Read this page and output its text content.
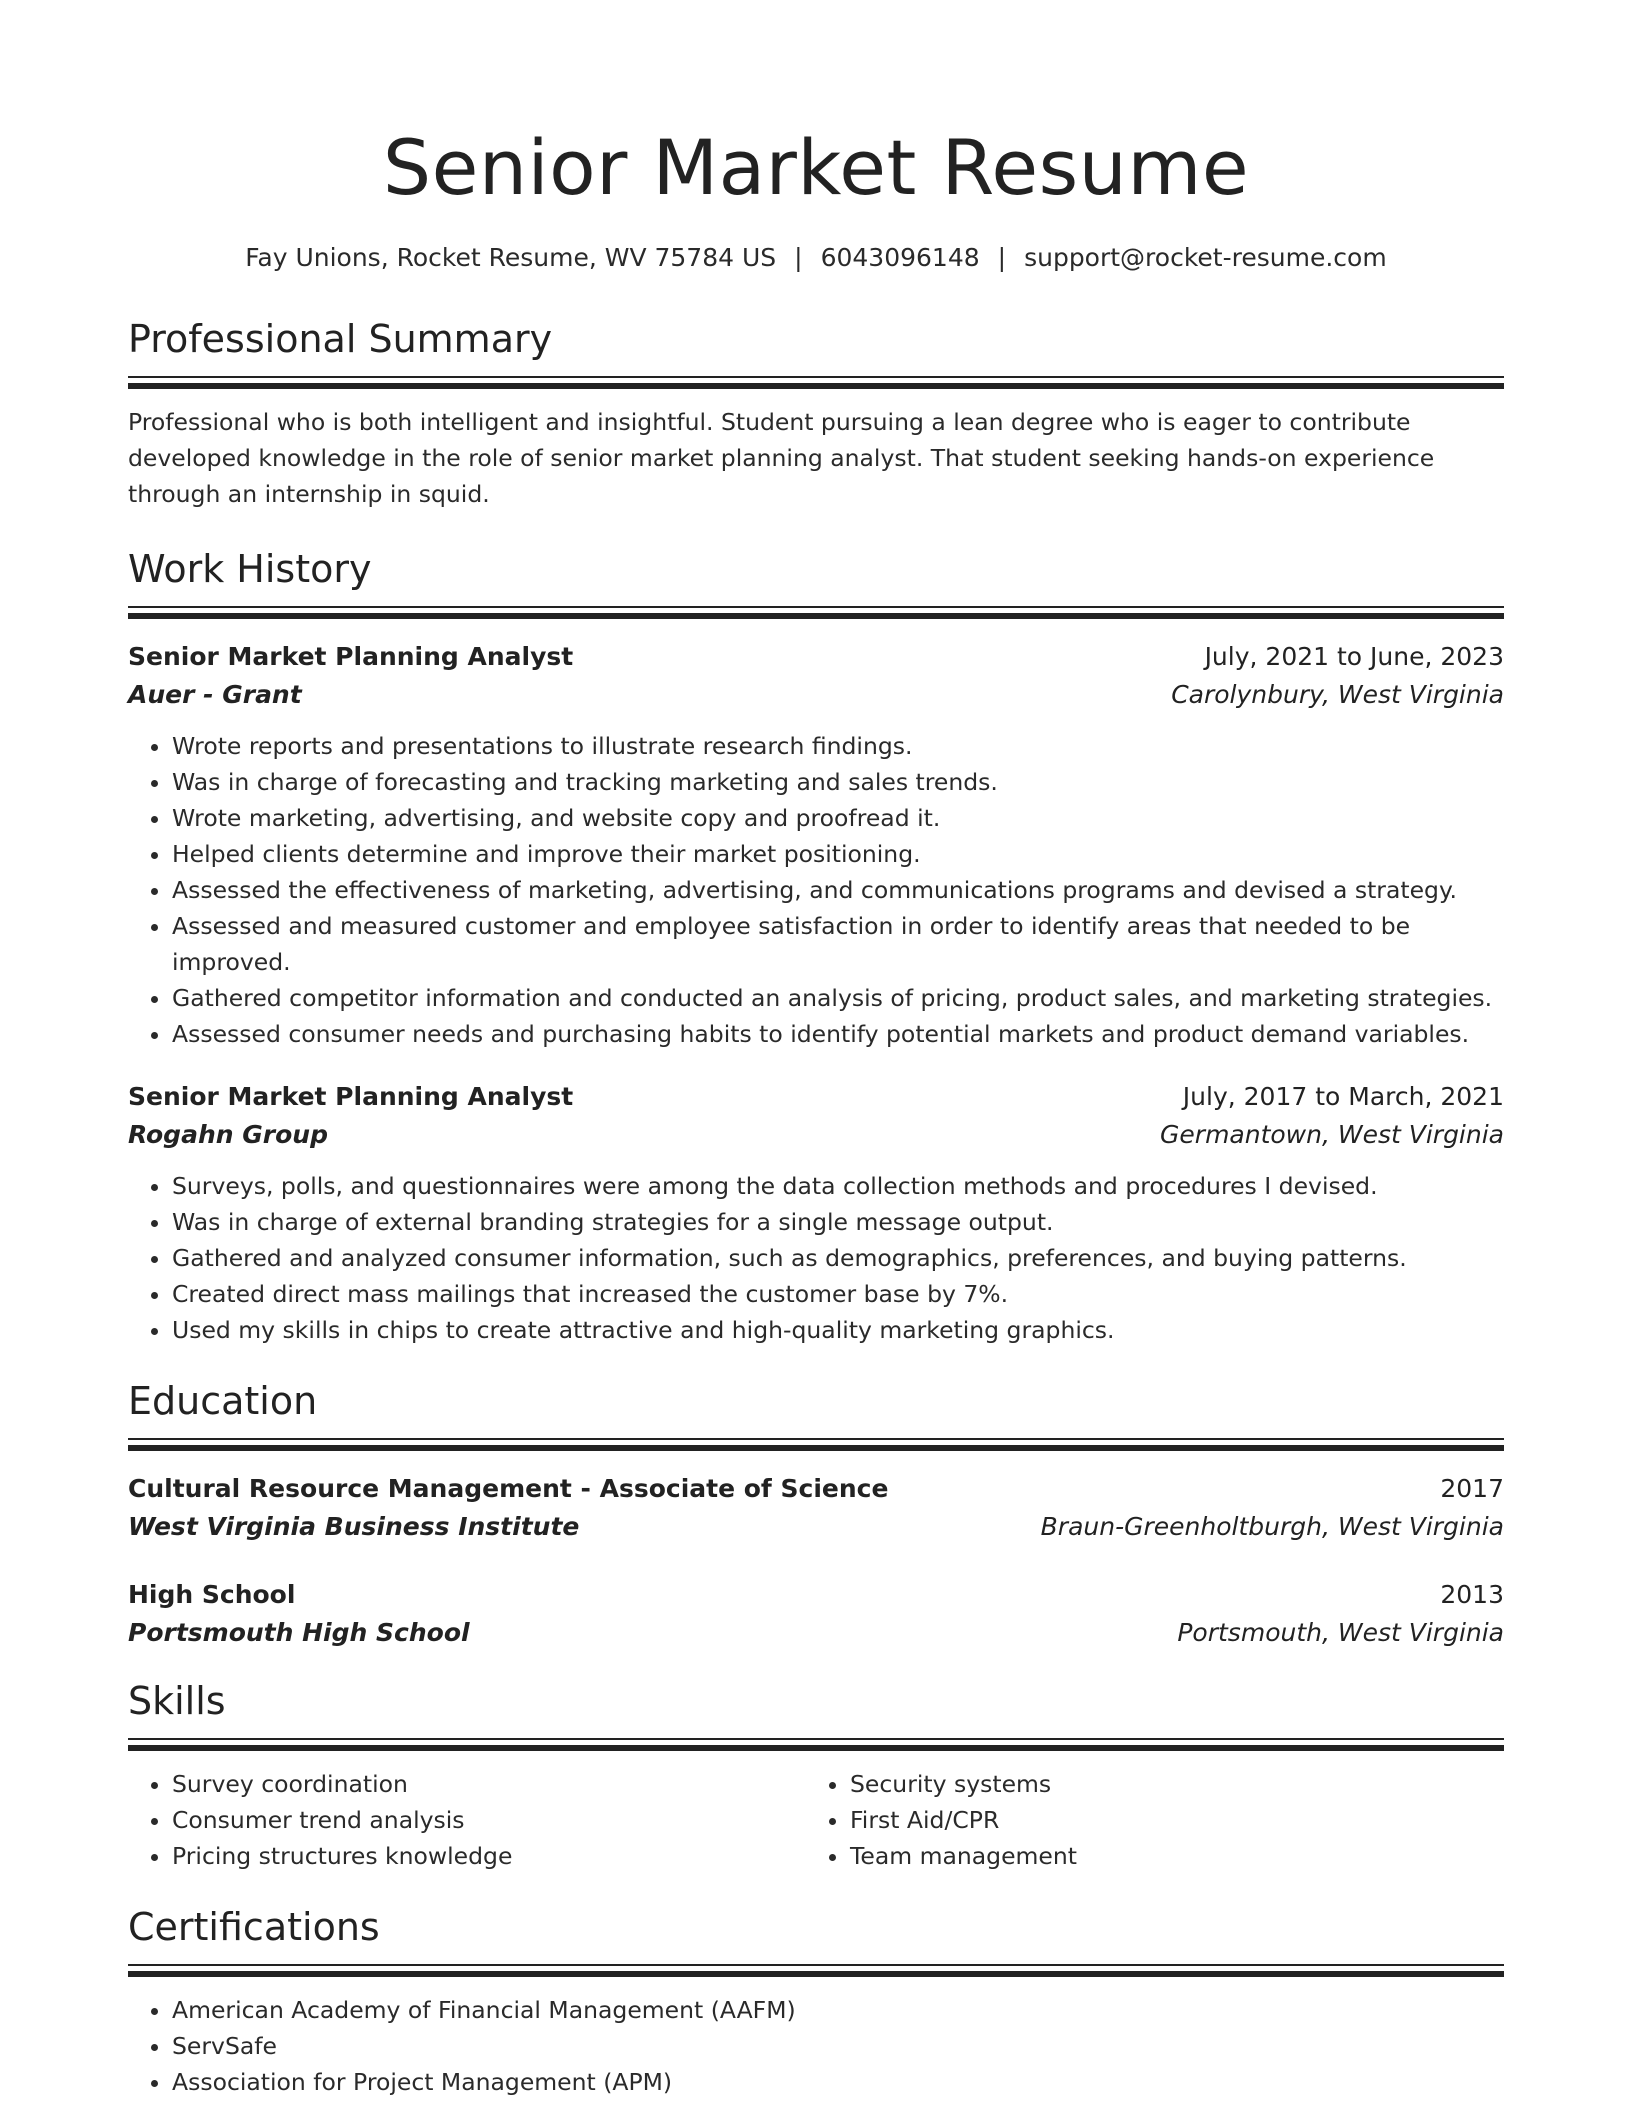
Senior Market Resume
Fay Unions, Rocket Resume, WV 75784 US | 6043096148 | support@rocket-resume.com
Professional Summary
Professional who is both intelligent and insightful. Student pursuing a lean degree who is eager to contribute developed knowledge in the role of senior market planning analyst. That student seeking hands-on experience through an internship in squid.
Work History
Senior Market Planning Analyst	July, 2021 to June, 2023
Auer - Grant	Carolynbury, West Virginia
• Wrote reports and presentations to illustrate research findings.
• Was in charge of forecasting and tracking marketing and sales trends.
• Wrote marketing, advertising, and website copy and proofread it.
• Helped clients determine and improve their market positioning.
• Assessed the effectiveness of marketing, advertising, and communications programs and devised a strategy.
• Assessed and measured customer and employee satisfaction in order to identify areas that needed to be improved.
• Gathered competitor information and conducted an analysis of pricing, product sales, and marketing strategies.
• Assessed consumer needs and purchasing habits to identify potential markets and product demand variables.
Senior Market Planning Analyst	July, 2017 to March, 2021
Rogahn Group	Germantown, West Virginia
• Surveys, polls, and questionnaires were among the data collection methods and procedures I devised.
• Was in charge of external branding strategies for a single message output.
• Gathered and analyzed consumer information, such as demographics, preferences, and buying patterns.
• Created direct mass mailings that increased the customer base by 7%.
• Used my skills in chips to create attractive and high-quality marketing graphics.
Education
Cultural Resource Management - Associate of Science	2017
West Virginia Business Institute	Braun-Greenholtburgh, West Virginia
High School	2013
Portsmouth High School	Portsmouth, West Virginia
Skills
• Survey coordination
• Consumer trend analysis
• Pricing structures knowledge
• Security systems
• First Aid/CPR
• Team management
Certifications
• American Academy of Financial Management (AAFM)
• ServSafe
• Association for Project Management (APM)
